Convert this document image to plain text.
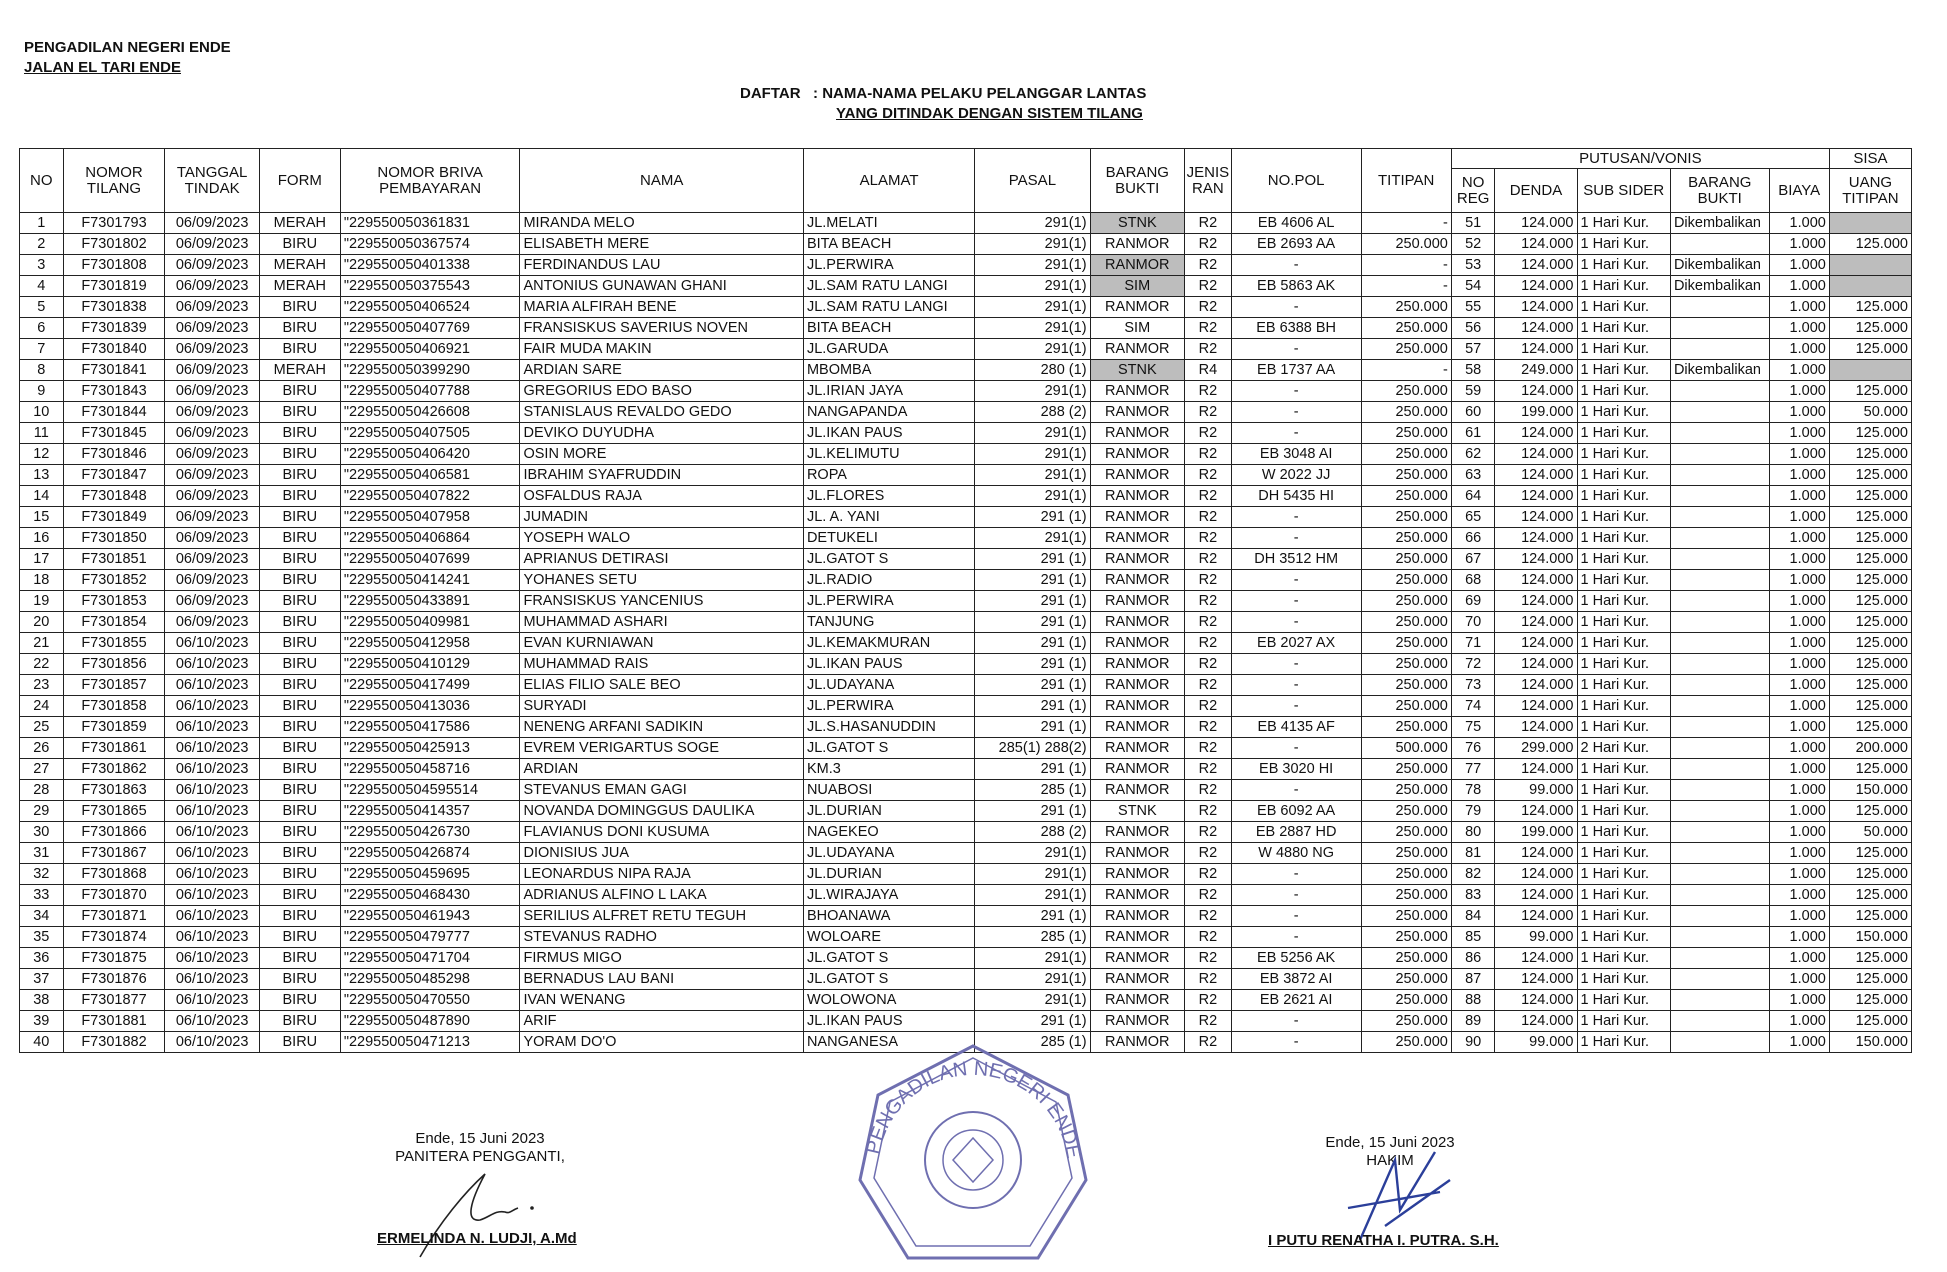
PENGADILAN NEGERI ENDE
JALAN EL TARI ENDE
DAFTAR   : NAMA-NAMA PELAKU PELANGGAR LANTAS
YANG DITINDAK DENGAN SISTEM TILANG
NO	NOMOR TILANG	TANGGAL TINDAK	FORM	NOMOR BRIVA PEMBAYARAN	NAMA	ALAMAT	PASAL	BARANG BUKTI	JENIS RAN	NO.POL	TITIPAN	PUTUSAN/VONIS					SISA
												NO REG	DENDA	SUB SIDER	BARANG BUKTI	BIAYA	UANG TITIPAN
1	F7301793	06/09/2023	MERAH	"229550050361831	MIRANDA MELO	JL.MELATI	291(1)	STNK	R2	EB 4606 AL	-	51	124.000	1 Hari Kur.	Dikembalikan	1.000	
2	F7301802	06/09/2023	BIRU	"229550050367574	ELISABETH MERE	BITA BEACH	291(1)	RANMOR	R2	EB 2693 AA	250.000	52	124.000	1 Hari Kur.		1.000	125.000
3	F7301808	06/09/2023	MERAH	"229550050401338	FERDINANDUS LAU	JL.PERWIRA	291(1)	RANMOR	R2	-	-	53	124.000	1 Hari Kur.	Dikembalikan	1.000	
4	F7301819	06/09/2023	MERAH	"229550050375543	ANTONIUS GUNAWAN GHANI	JL.SAM RATU LANGI	291(1)	SIM	R2	EB 5863 AK	-	54	124.000	1 Hari Kur.	Dikembalikan	1.000	
5	F7301838	06/09/2023	BIRU	"229550050406524	MARIA ALFIRAH BENE	JL.SAM RATU LANGI	291(1)	RANMOR	R2	-	250.000	55	124.000	1 Hari Kur.		1.000	125.000
6	F7301839	06/09/2023	BIRU	"229550050407769	FRANSISKUS SAVERIUS NOVEN	BITA BEACH	291(1)	SIM	R2	EB 6388 BH	250.000	56	124.000	1 Hari Kur.		1.000	125.000
7	F7301840	06/09/2023	BIRU	"229550050406921	FAIR MUDA MAKIN	JL.GARUDA	291(1)	RANMOR	R2	-	250.000	57	124.000	1 Hari Kur.		1.000	125.000
8	F7301841	06/09/2023	MERAH	"229550050399290	ARDIAN SARE	MBOMBA	280 (1)	STNK	R4	EB 1737 AA	-	58	249.000	1 Hari Kur.	Dikembalikan	1.000	
9	F7301843	06/09/2023	BIRU	"229550050407788	GREGORIUS EDO BASO	JL.IRIAN JAYA	291(1)	RANMOR	R2	-	250.000	59	124.000	1 Hari Kur.		1.000	125.000
10	F7301844	06/09/2023	BIRU	"229550050426608	STANISLAUS REVALDO GEDO	NANGAPANDA	288 (2)	RANMOR	R2	-	250.000	60	199.000	1 Hari Kur.		1.000	50.000
11	F7301845	06/09/2023	BIRU	"229550050407505	DEVIKO DUYUDHA	JL.IKAN PAUS	291(1)	RANMOR	R2	-	250.000	61	124.000	1 Hari Kur.		1.000	125.000
12	F7301846	06/09/2023	BIRU	"229550050406420	OSIN MORE	JL.KELIMUTU	291(1)	RANMOR	R2	EB 3048 AI	250.000	62	124.000	1 Hari Kur.		1.000	125.000
13	F7301847	06/09/2023	BIRU	"229550050406581	IBRAHIM SYAFRUDDIN	ROPA	291(1)	RANMOR	R2	W 2022 JJ	250.000	63	124.000	1 Hari Kur.		1.000	125.000
14	F7301848	06/09/2023	BIRU	"229550050407822	OSFALDUS RAJA	JL.FLORES	291(1)	RANMOR	R2	DH 5435 HI	250.000	64	124.000	1 Hari Kur.		1.000	125.000
15	F7301849	06/09/2023	BIRU	"229550050407958	JUMADIN	JL. A. YANI	291 (1)	RANMOR	R2	-	250.000	65	124.000	1 Hari Kur.		1.000	125.000
16	F7301850	06/09/2023	BIRU	"229550050406864	YOSEPH WALO	DETUKELI	291(1)	RANMOR	R2	-	250.000	66	124.000	1 Hari Kur.		1.000	125.000
17	F7301851	06/09/2023	BIRU	"229550050407699	APRIANUS DETIRASI	JL.GATOT S	291 (1)	RANMOR	R2	DH 3512 HM	250.000	67	124.000	1 Hari Kur.		1.000	125.000
18	F7301852	06/09/2023	BIRU	"229550050414241	YOHANES SETU	JL.RADIO	291 (1)	RANMOR	R2	-	250.000	68	124.000	1 Hari Kur.		1.000	125.000
19	F7301853	06/09/2023	BIRU	"229550050433891	FRANSISKUS YANCENIUS	JL.PERWIRA	291 (1)	RANMOR	R2	-	250.000	69	124.000	1 Hari Kur.		1.000	125.000
20	F7301854	06/09/2023	BIRU	"229550050409981	MUHAMMAD ASHARI	TANJUNG	291 (1)	RANMOR	R2	-	250.000	70	124.000	1 Hari Kur.		1.000	125.000
21	F7301855	06/10/2023	BIRU	"229550050412958	EVAN KURNIAWAN	JL.KEMAKMURAN	291 (1)	RANMOR	R2	EB 2027 AX	250.000	71	124.000	1 Hari Kur.		1.000	125.000
22	F7301856	06/10/2023	BIRU	"229550050410129	MUHAMMAD RAIS	JL.IKAN PAUS	291 (1)	RANMOR	R2	-	250.000	72	124.000	1 Hari Kur.		1.000	125.000
23	F7301857	06/10/2023	BIRU	"229550050417499	ELIAS FILIO SALE BEO	JL.UDAYANA	291 (1)	RANMOR	R2	-	250.000	73	124.000	1 Hari Kur.		1.000	125.000
24	F7301858	06/10/2023	BIRU	"229550050413036	SURYADI	JL.PERWIRA	291 (1)	RANMOR	R2	-	250.000	74	124.000	1 Hari Kur.		1.000	125.000
25	F7301859	06/10/2023	BIRU	"229550050417586	NENENG ARFANI SADIKIN	JL.S.HASANUDDIN	291 (1)	RANMOR	R2	EB 4135 AF	250.000	75	124.000	1 Hari Kur.		1.000	125.000
26	F7301861	06/10/2023	BIRU	"229550050425913	EVREM VERIGARTUS SOGE	JL.GATOT S	285(1) 288(2)	RANMOR	R2	-	500.000	76	299.000	2 Hari Kur.		1.000	200.000
27	F7301862	06/10/2023	BIRU	"229550050458716	ARDIAN	KM.3	291 (1)	RANMOR	R2	EB 3020 HI	250.000	77	124.000	1 Hari Kur.		1.000	125.000
28	F7301863	06/10/2023	BIRU	"2295500504595514	STEVANUS EMAN GAGI	NUABOSI	285 (1)	RANMOR	R2	-	250.000	78	99.000	1 Hari Kur.		1.000	150.000
29	F7301865	06/10/2023	BIRU	"229550050414357	NOVANDA DOMINGGUS DAULIKA	JL.DURIAN	291 (1)	STNK	R2	EB 6092 AA	250.000	79	124.000	1 Hari Kur.		1.000	125.000
30	F7301866	06/10/2023	BIRU	"229550050426730	FLAVIANUS DONI KUSUMA	NAGEKEO	288 (2)	RANMOR	R2	EB 2887 HD	250.000	80	199.000	1 Hari Kur.		1.000	50.000
31	F7301867	06/10/2023	BIRU	"229550050426874	DIONISIUS JUA	JL.UDAYANA	291(1)	RANMOR	R2	W 4880 NG	250.000	81	124.000	1 Hari Kur.		1.000	125.000
32	F7301868	06/10/2023	BIRU	"229550050459695	LEONARDUS NIPA RAJA	JL.DURIAN	291(1)	RANMOR	R2	-	250.000	82	124.000	1 Hari Kur.		1.000	125.000
33	F7301870	06/10/2023	BIRU	"229550050468430	ADRIANUS ALFINO L LAKA	JL.WIRAJAYA	291(1)	RANMOR	R2	-	250.000	83	124.000	1 Hari Kur.		1.000	125.000
34	F7301871	06/10/2023	BIRU	"229550050461943	SERILIUS ALFRET RETU TEGUH	BHOANAWA	291 (1)	RANMOR	R2	-	250.000	84	124.000	1 Hari Kur.		1.000	125.000
35	F7301874	06/10/2023	BIRU	"229550050479777	STEVANUS RADHO	WOLOARE	285 (1)	RANMOR	R2	-	250.000	85	99.000	1 Hari Kur.		1.000	150.000
36	F7301875	06/10/2023	BIRU	"229550050471704	FIRMUS MIGO	JL.GATOT S	291(1)	RANMOR	R2	EB 5256 AK	250.000	86	124.000	1 Hari Kur.		1.000	125.000
37	F7301876	06/10/2023	BIRU	"229550050485298	BERNADUS LAU BANI	JL.GATOT S	291(1)	RANMOR	R2	EB 3872 AI	250.000	87	124.000	1 Hari Kur.		1.000	125.000
38	F7301877	06/10/2023	BIRU	"229550050470550	IVAN WENANG	WOLOWONA	291(1)	RANMOR	R2	EB 2621 AI	250.000	88	124.000	1 Hari Kur.		1.000	125.000
39	F7301881	06/10/2023	BIRU	"229550050487890	ARIF	JL.IKAN PAUS	291 (1)	RANMOR	R2	-	250.000	89	124.000	1 Hari Kur.		1.000	125.000
40	F7301882	06/10/2023	BIRU	"229550050471213	YORAM DO'O	NANGANESA	285 (1)	RANMOR	R2	-	250.000	90	99.000	1 Hari Kur.		1.000	150.000
PENGADILAN NEGERI ENDE
Ende, 15 Juni 2023
PANITERA PENGGANTI,
ERMELINDA N. LUDJI, A.Md
Ende, 15 Juni 2023
HAKIM
I PUTU RENATHA I. PUTRA. S.H.
